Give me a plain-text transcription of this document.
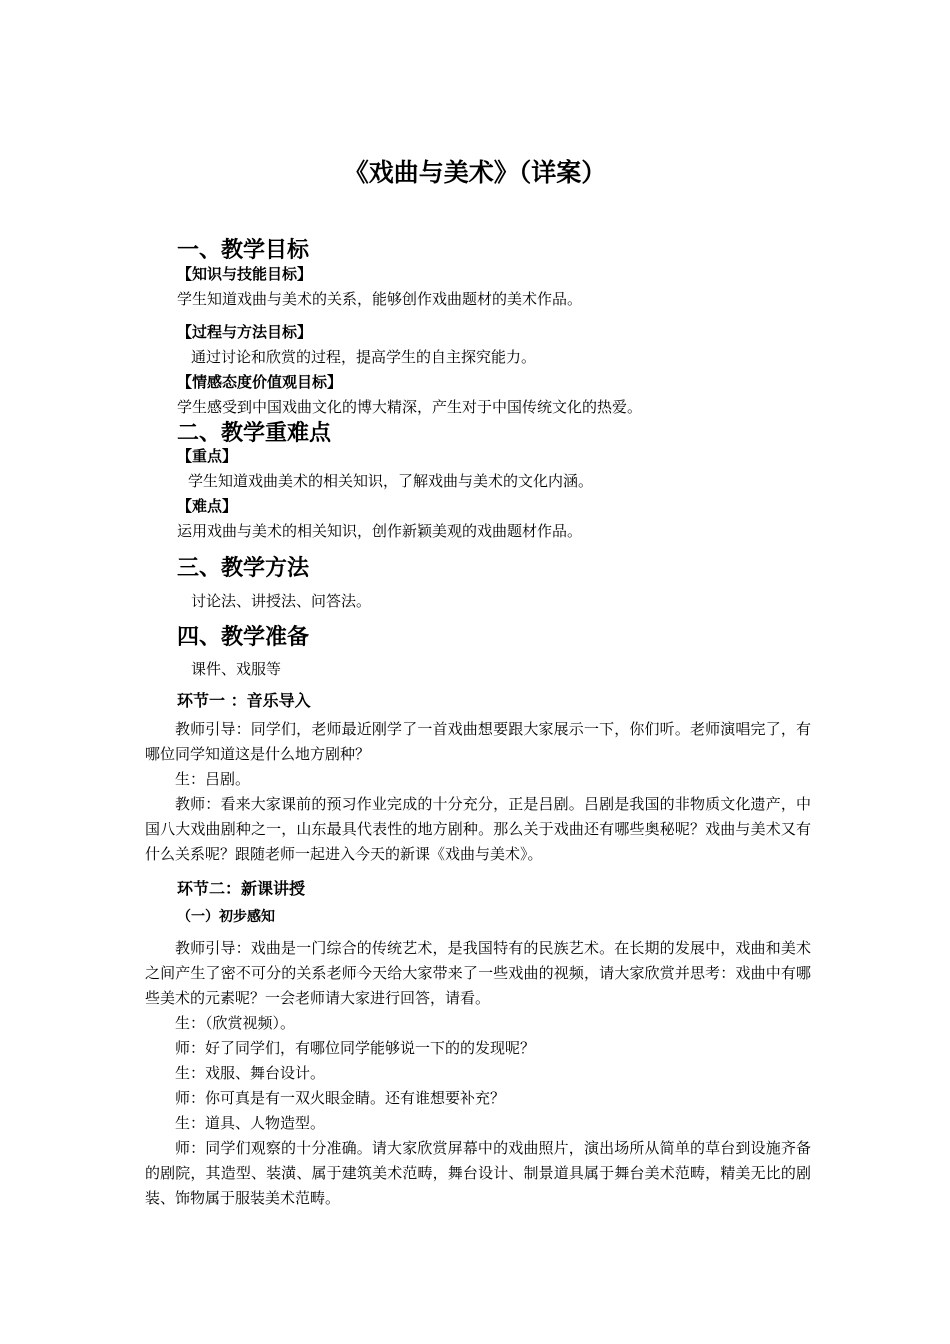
《戏曲与美术》（详案）
一、教学目标
【知识与技能目标】
学生知道戏曲与美术的关系，能够创作戏曲题材的美术作品。
【过程与方法目标】
通过讨论和欣赏的过程，提高学生的自主探究能力。
【情感态度价值观目标】
学生感受到中国戏曲文化的博大精深，产生对于中国传统文化的热爱。
二、教学重难点
【重点】
学生知道戏曲美术的相关知识，了解戏曲与美术的文化内涵。
【难点】
运用戏曲与美术的相关知识，创作新颖美观的戏曲题材作品。
三、教学方法
讨论法、讲授法、问答法。
四、教学准备
课件、戏服等
环节一 ：音乐导入
教师引导：同学们，老师最近刚学了一首戏曲想要跟大家展示一下，你们听。老师演唱完了，有哪位同学知道这是什么地方剧种？
生：吕剧。
教师：看来大家课前的预习作业完成的十分充分，正是吕剧。吕剧是我国的非物质文化遗产，中国八大戏曲剧种之一，山东最具代表性的地方剧种。那么关于戏曲还有哪些奥秘呢？戏曲与美术又有什么关系呢？跟随老师一起进入今天的新课《戏曲与美术》。
环节二：新课讲授
（一）初步感知
教师引导：戏曲是一门综合的传统艺术，是我国特有的民族艺术。在长期的发展中，戏曲和美术之间产生了密不可分的关系老师今天给大家带来了一些戏曲的视频，请大家欣赏并思考：戏曲中有哪些美术的元素呢？一会老师请大家进行回答，请看。
生：（欣赏视频）。
师：好了同学们，有哪位同学能够说一下的的发现呢？
生：戏服、舞台设计。
师：你可真是有一双火眼金睛。还有谁想要补充？
生：道具、人物造型。
师：同学们观察的十分准确。请大家欣赏屏幕中的戏曲照片，演出场所从简单的草台到设施齐备的剧院，其造型、装潢、属于建筑美术范畴，舞台设计、制景道具属于舞台美术范畴，精美无比的剧装、饰物属于服装美术范畴。
